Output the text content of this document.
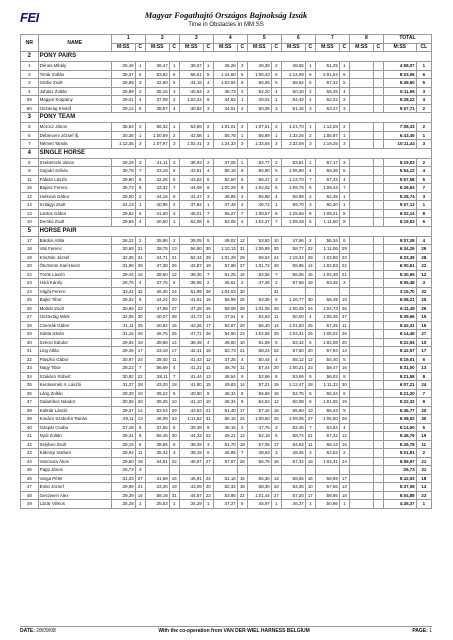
FEI	Magyar Fogathajtó Országos Bajnokság Izsák
Time in Obstacles in MM:SS
NR	NAME	1		2		3		4		5		6		7		8		TOTAL	
		M:SS	C	M:SS	C	M:SS	C	M:SS	C	M:SS	C	M:SS	C	M:SS	C	M:SS	C	M:SS	CL
2	PONY PAIRS																		
1	Dénes Mihály	:26,46	1	:36,47	1	:39,67	1	:46,28	3	:49,39	2	:48,55	1	:51,25	1			4:58,07	1
2	Timár Zoltán	:35,37	6	:53,82	6	:56,51	5	1:14,60	5	1:06,43	6	1:14,99	6	2:01,54	6			8:03,06	6
3	Görbe Zsolt	:28,89	3	:42,60	5	:44,15	4	1:02,94	6	:55,06	5	:58,64	5	:57,32	5			5:49,60	5
4	Juhász Zoltán	:26,89	2	:38,15	3	:40,64	2	:48,73	4	:52,20	4	:50,10	2	:55,25	4			5:11,96	3
59	Magyar Koppány	:29,01	4	:37,08	2	1:02,24	6	:44,82	1	:49,01	1	:54,43	4	:52,22	2			5:28,22	4
60	Oszterág Kristóf	:29,12	5	:38,57	4	:40,82	3	:44,51	2	:50,06	3	:51,16	3	:53,47	3			5:07,71	2
3	PONY TEAM																		
5	Mórocz János	:35,82	2	:56,32	1	:53,69	2	1:01,01	2	1:07,51	2	1:21,70	1	1:12,28	2			7:08,33	2
6	Debreceni József ifj.	:30,38	1	1:00,69	2	:42,58	1	:55,78	1	:55,89	1	1:32,26	2	1:05,87	1			6:43,45	1
7	Németi Tamás	1:12,35	3	1:07,97	3	1:02,41	3	1:24,33	3	1:32,54	3	2:32,59	3	1:19,25	3			10:11,44	3
4	SINGLE HORSE																		
8	Szeberszki János	:28,19	3	:41,11	3	:38,93	2	:47,05	1	:52,77	2	:53,81	1	:57,17	3			5:19,03	2
9	Gajnári Szilvia	:30,78	7	:43,18	6	:42,81	4	:55,19	6	:56,90	5	1:06,90	4	:58,36	5			5:54,12	4
11	Fábián László	:29,90	6	:42,26	5	:43,52	5	:52,50	5	:56,47	3	1:13,70	7	:57,43	4			5:57,58	5
15	Bajúsz Ferenc	:35,73	8	:43,32	7	:44,09	6	1:00,29	8	1:04,02	6	1:09,75	6	1:09,44	7			6:26,64	7
12	Hotková Gábor	:28,00	2	:44,16	8	:41,47	3	:48,85	3	:56,88	4	:56,89	2	:52,45	1			5:28,74	3
14	Szilágyi Zsolt	:24,13	1	:40,95	2	:37,84	1	:47,49	2	:46,72	1	:59,70	3	:50,30	1			5:07,13	1
13	Lantos Gábor	:29,82	5	:41,60	4	:45,01	7	:56,27	7	1:08,57	8	1:25,66	8	1:05,21	6			6:32,14	8
10	Demkó Zsolt	:29,65	4	:40,60	1	:52,08	8	:52,05	4	1:04,37	7	1:09,28	5	1:11,50	8			6:19,53	6
5	HORSE PAIR																		
17	Bárdos Attila	:26,22	2	:35,86	2	:39,05	5	:49,02	12	:53,83	10	:47,96	2	:55,34	6			5:07,28	4
18	Vati Ferenc	:30,69	21	:39,75	13	:56,90	30	1:10,13	31	1:06,99	30	:58,77	22	1:11,06	29			6:34,29	29
19	Krisztán József	:32,35	31	:44,71	21	:52,44	29	1:01,29	29	:59,54	24	1:19,32	29	1:03,86	23			6:33,36	28
20	Ötvösmm Karl-Heinz	:31,98	29	:47,38	26	:42,87	19	:57,88	27	1:01,72	28	:55,95	14	1:02,83	22			6:00,61	22
22	Török László	:29,44	16	:39,50	12	:39,36	7	:51,25	16	:52,56	7	:56,06	15	1:02,48	21			5:30,65	12
23	Hódi Károly	:26,76	4	:37,76	6	:36,96	2	:45,61	2	:47,36	2	:57,58	19	:53,45	3			5:05,48	3
24	Vághi Ferenc	:33,41	32	:46,35	24	:51,89	28	1:04,03	30		31							3:15,70	32
25	Bajkó Tibor	:28,32	9	:44,24	20	:41,91	16	:56,99	25	:53,39	9	1:26,77	30	:56,49	10			6:08,21	25
26	Molnár Zsolt	:30,95	23	:47,98	27	:47,28	25	:59,08	28	1:01,08	26	1:00,45	24	1:04,73	25			6:11,49	26
27	Osztertág Márk	:32,05	30	:40,07	28	:41,73	14	:47,91	8	:54,63	11	:50,00	4	1:05,45	27			5:39,66	15
28	Csernák Gábor	:31,11	25	:40,92	15	:42,26	17	:52,87	20	:56,40	14	1:01,50	25	:57,25	11			5:42,31	16
29	Sánta István	:31,15	26	:46,75	25	:47,71	26	:54,90	23	1:04,56	29	1:04,31	26	1:05,02	26			6:14,46	27
30	Szécsi Sándor	:29,84	19	:39,88	14	:38,45	4	:48,60	10	:51,69	5	:52,42	6	1:02,08	20			5:22,94	10
31	Ling Attila	:29,46	17	:43,19	17	:42,41	18	:53,73	21	:58,24	22	:57,60	20	:57,94	14			5:42,57	17
32	Plaszkó Gábor	:30,97	24	:39,40	11	:41,43	12	:47,25	4	:50,44	4	:55,12	12	:54,40	5			5:19,01	6
33	Nagy Tibor	:28,22	7	:56,69	4	:41,21	11	:48,76	11	:57,44	20	1:00,21	23	:58,47	16			5:31,00	13
34	Szakács Róbert	:30,82	22	:38,11	7	:41,44	13	:48,54	9	:52,96	8	:53,69	9	:56,02	8			5:21,58	8
35	Kecskeméti II. László	:31,37	28	:43,20	18	:41,80	15	:49,83	14	:57,21	19	1:12,47	28	1:11,33	30			6:07,21	24
36	Láng Zoltán	:28,30	10	:39,22	9	:40,50	9	:48,34	8	:56,66	15	:52,75	8	:55,34	6			5:21,20	7
37	Galambos Nándor	:30,55	20	:39,26	10	:41,10	10	:48,34	8	:54,52	12	:50,08	5	1:01,06	19			5:22,32	9
38	Kalmár László	:29,37	14	:53,04	29	:43,53	21	:51,40	17	:57,10	18	:55,90	13	:56,43	9			5:46,77	20
39	Kovács Szabolcs Tamás	:29,11	13	:46,08	23	1:11,52	31	:56,15	24	1:00,60	25	1:09,06	27	1:05,50	28			6:38,02	30
40	Gáspár Csaba	:27,18	5	:37,56	5	:39,39	8	:46,15	3	:47,76	3	:52,45	7	:53,62	4			5:14,00	5
41	Nyúl Zoltán	:28,31	8	:56,45	30	:44,33	22	:49,21	13	:52,18	6	:58,74	21	:57,32	12			5:46,76	19
42	Selyben Zsolt	:28,15	6	:38,56	8	:38,29	3	:51,70	19	:57,05	17	:54,83	11	:58,14	15			5:26,78	11
43	Kákonyi Norbert	:28,94	11	:36,32	3	:39,19	6	:45,85	7	:48,63	3	:48,45	3	:52,53	2			5:01,91	2
44	Vancsura Ákos	:29,50	18	:44,91	22	:48,97	27	:57,87	26	:56,79	16	:57,32	18	1:04,31	24			5:59,67	21
45	Papp János	:26,73	3															:26,73	31
46	Varga Péter	:31,33	27	:41,69	16	:46,91	24	:51,16	15	:56,30	13	:56,65	16	:58,89	17			5:42,93	18
47	Erdei József	:29,96	21	:43,30	19	:43,09	20	:52,32	18	:58,30	23	:54,35	10	:57,56	13			5:37,08	14
48	Geszwein Alex	:29,39	15	:58,18	31	:44,87	23	:53,95	22	1:01,44	27	:57,20	17	:59,85	18			6:04,88	23
49	Lázár Vilmos	:25,28	1	:35,53	1	:34,29	1	:47,27	5	:45,97	1	:46,37	1	:50,66	1			4:45,37	1
DATE: 28/09/08	With the co-operation from VAN DER WIEL HARNESS BELGIUM	PAGE: 1
